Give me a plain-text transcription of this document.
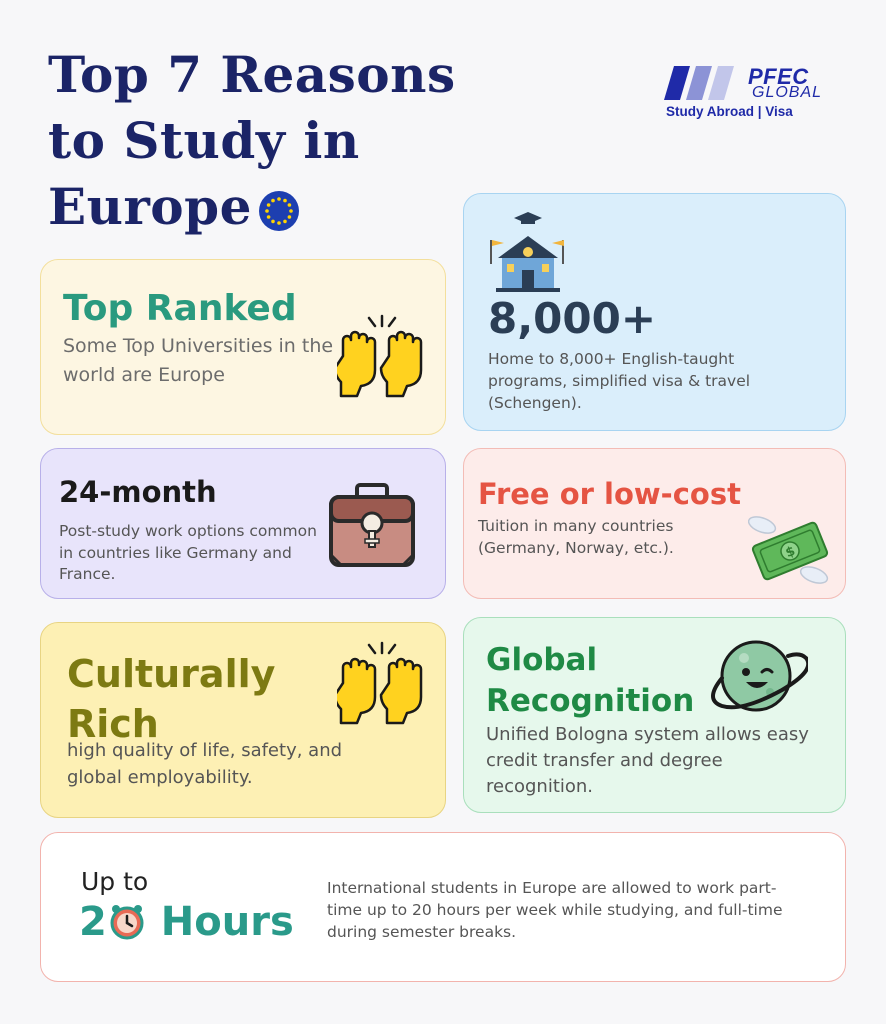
Top 7 Reasons
to Study in
Europe
PFEC
GLOBAL
Study Abroad | Visa
Top Ranked
Some Top Universities in the world are Europe
8,000+
Home to 8,000+ English-taught programs, simplified visa & travel (Schengen).
24-month
Post-study work options common in countries like Germany and France.
Free or low-cost
Tuition in many countries (Germany, Norway, etc.).	$
Culturally Rich
high quality of life, safety, and global employability.
Global Recognition
Unified Bologna system allows easy credit transfer and degree recognition.
Up to
2 Hours
International students in Europe are allowed to work part-time up to 20 hours per week while studying, and full-time during semester breaks.
